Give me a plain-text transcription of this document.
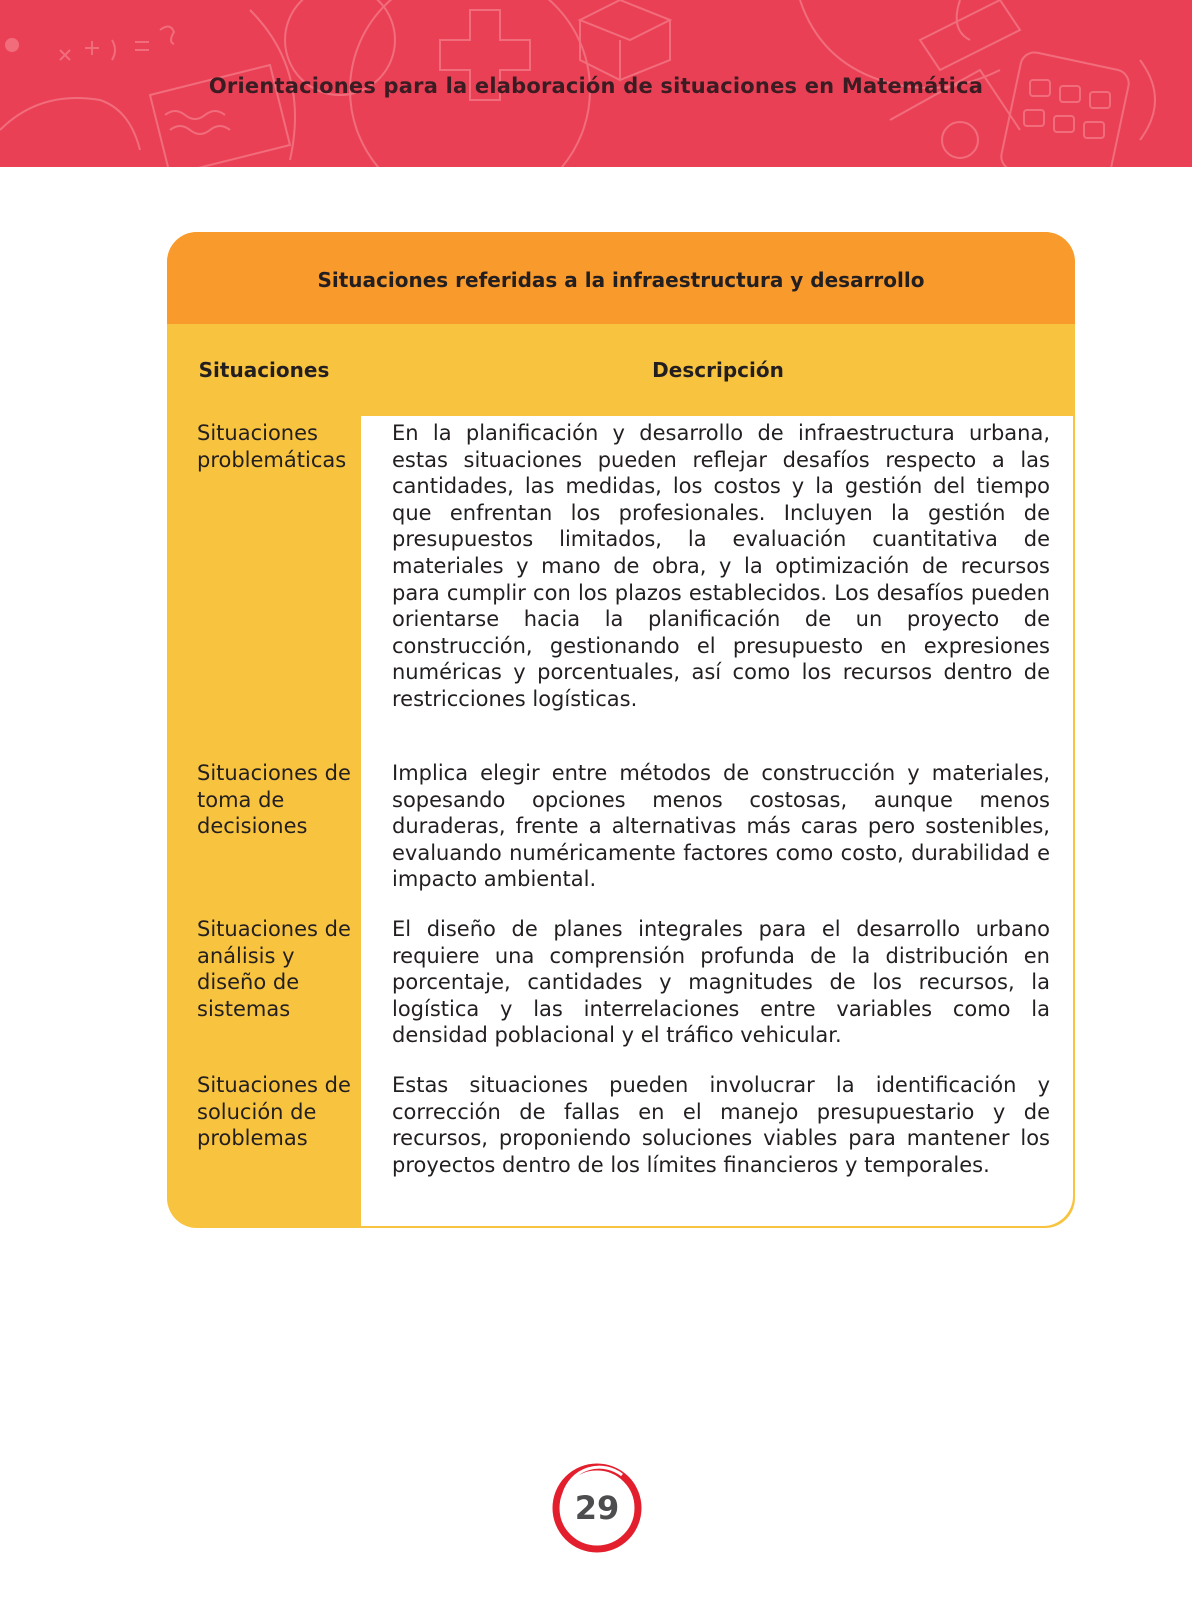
Orientaciones para la elaboración de situaciones en Matemática
Situaciones referidas a la infraestructura y desarrollo
Situaciones	Descripción
Situaciones problemáticas
En la planificación y desarrollo de infraestructura urbana, estas situaciones pueden reflejar desafíos respecto a las cantidades, las medidas, los costos y la gestión del tiempo que enfrentan los profesionales. Incluyen la gestión de presupuestos limitados, la evaluación cuantitativa de materiales y mano de obra, y la optimización de recursos para cumplir con los plazos establecidos. Los desafíos pueden orientarse hacia la planificación de un proyecto de construcción, gestionando el presupuesto en expresiones numéricas y porcentuales, así como los recursos dentro de restricciones logísticas.
Situaciones de toma de decisiones
Implica elegir entre métodos de construcción y materiales, sopesando opciones menos costosas, aunque menos duraderas, frente a alternativas más caras pero sostenibles, evaluando numéricamente factores como costo, durabilidad e impacto ambiental.
Situaciones de análisis y diseño de sistemas
El diseño de planes integrales para el desarrollo urbano requiere una comprensión profunda de la distribución en porcentaje, cantidades y magnitudes de los recursos, la logística y las interrelaciones entre variables como la densidad poblacional y el tráfico vehicular.
Situaciones de solución de problemas
Estas situaciones pueden involucrar la identificación y corrección de fallas en el manejo presupuestario y de recursos, proponiendo soluciones viables para mantener los proyectos dentro de los límites financieros y temporales.
29
